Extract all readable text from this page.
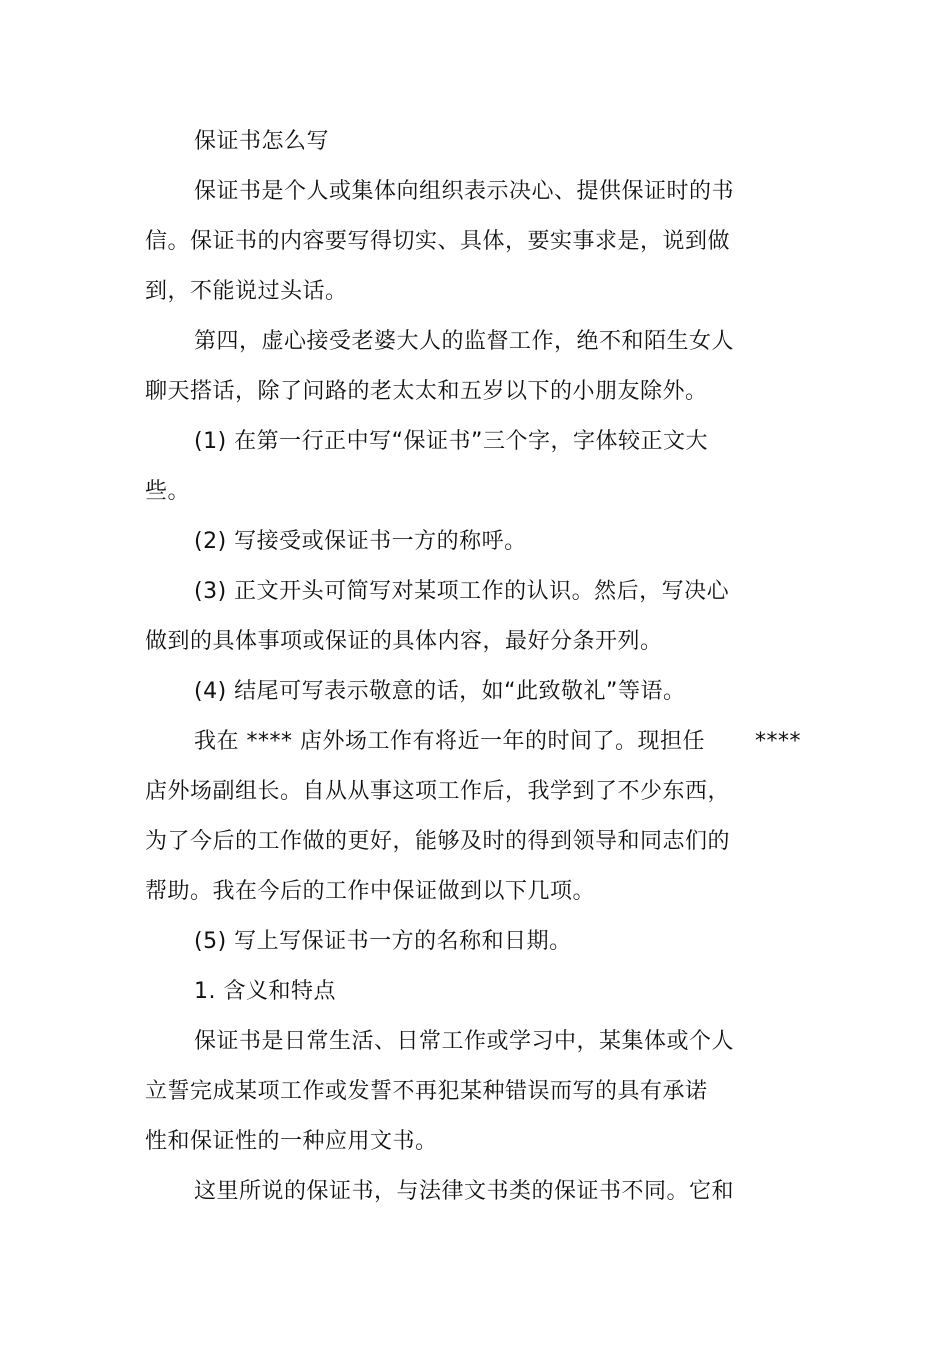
保证书怎么写
保证书是个人或集体向组织表示决心、提供保证时的书
信。保证书的内容要写得切实、具体，要实事求是，说到做
到，不能说过头话。
第四，虚心接受老婆大人的监督工作，绝不和陌生女人
聊天搭话，除了问路的老太太和五岁以下的小朋友除外。
(1) 在第一行正中写“保证书”三个字，字体较正文大
些。
(2) 写接受或保证书一方的称呼。
(3) 正文开头可简写对某项工作的认识。然后，写决心
做到的具体事项或保证的具体内容，最好分条开列。
(4) 结尾可写表示敬意的话，如“此致敬礼”等语。
我在 **** 店外场工作有将近一年的时间了。现担任 ****
店外场副组长。自从从事这项工作后，我学到了不少东西，
为了今后的工作做的更好，能够及时的得到领导和同志们的
帮助。我在今后的工作中保证做到以下几项。
(5) 写上写保证书一方的名称和日期。
1. 含义和特点
保证书是日常生活、日常工作或学习中，某集体或个人
立誓完成某项工作或发誓不再犯某种错误而写的具有承诺
性和保证性的一种应用文书。
这里所说的保证书，与法律文书类的保证书不同。它和
